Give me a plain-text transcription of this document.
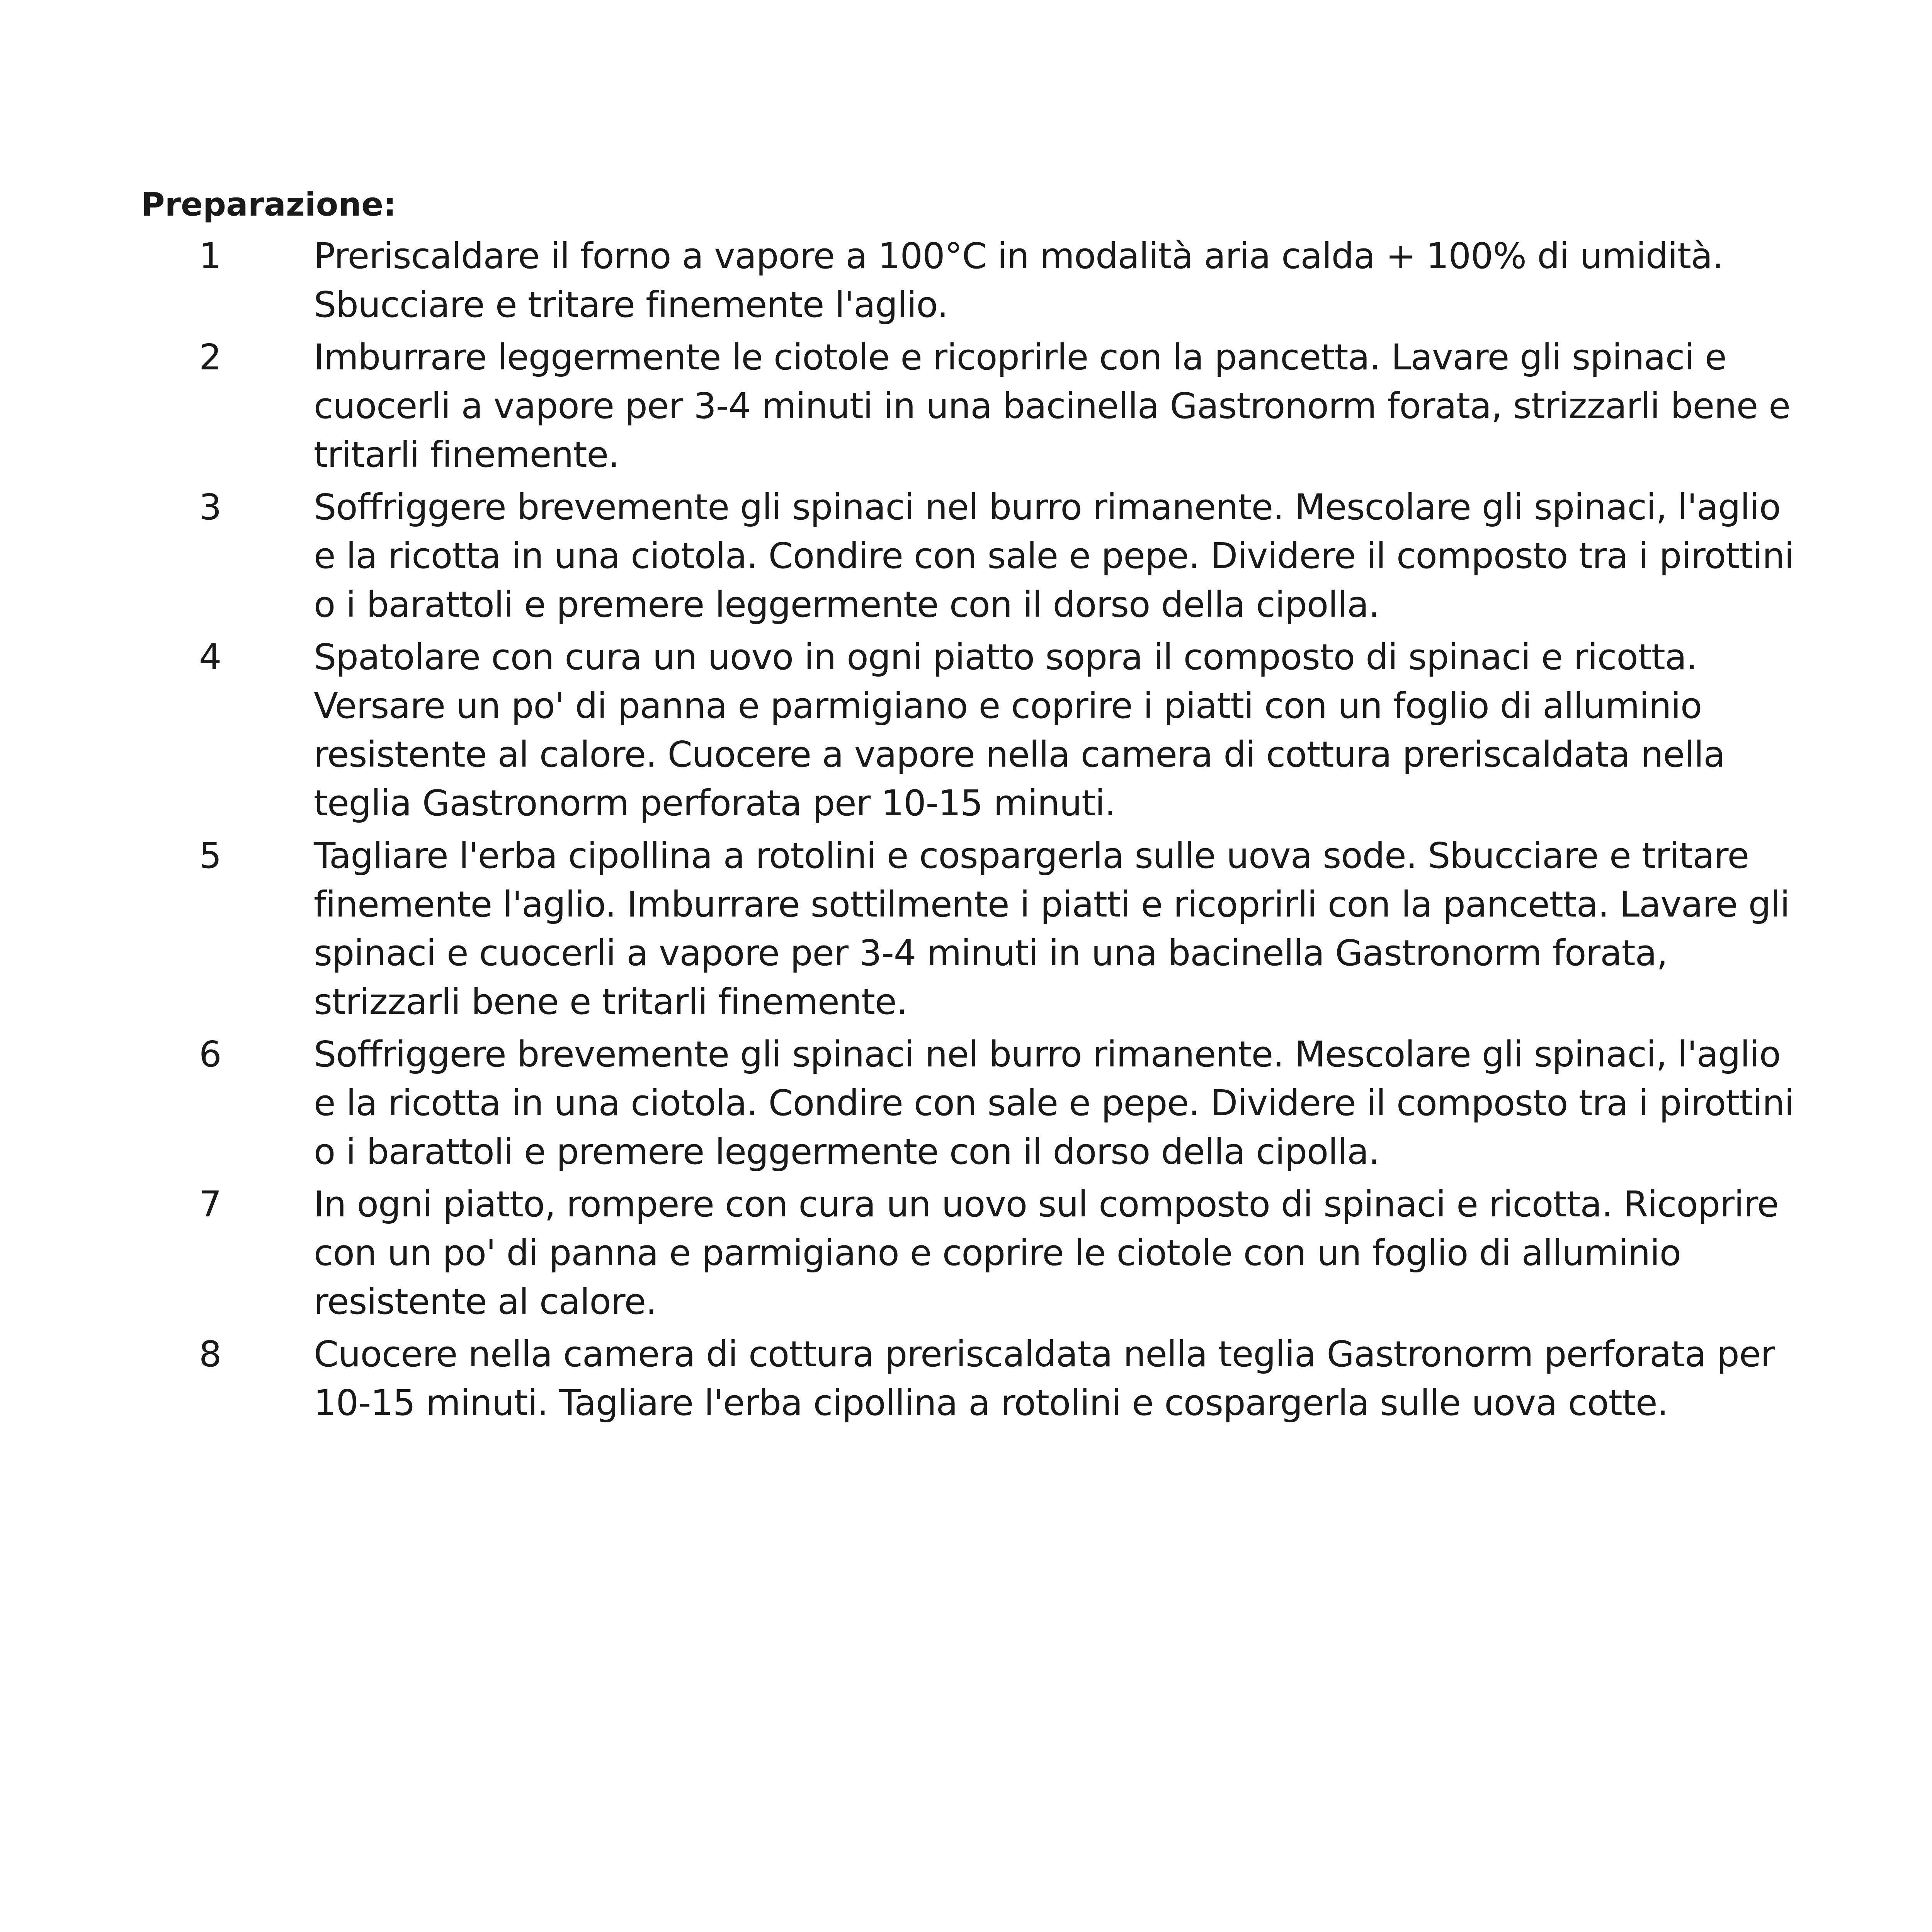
Preparazione:
1	Preriscaldare il forno a vapore a 100°C in modalità aria calda + 100% di umidità. Sbucciare e tritare finemente l'aglio.

2	Imburrare leggermente le ciotole e ricoprirle con la pancetta. Lavare gli spinaci e cuocerli a vapore per 3-4 minuti in una bacinella Gastronorm forata, strizzarli bene e tritarli finemente.

3	Soffriggere brevemente gli spinaci nel burro rimanente. Mescolare gli spinaci, l'aglio e la ricotta in una ciotola. Condire con sale e pepe. Dividere il composto tra i pirottini o i barattoli e premere leggermente con il dorso della cipolla.

4	Spatolare con cura un uovo in ogni piatto sopra il composto di spinaci e ricotta. Versare un po' di panna e parmigiano e coprire i piatti con un foglio di alluminio resistente al calore. Cuocere a vapore nella camera di cottura preriscaldata nella teglia Gastronorm perforata per 10-15 minuti.

5	Tagliare l'erba cipollina a rotolini e cospargerla sulle uova sode. Sbucciare e tritare finemente l'aglio. Imburrare sottilmente i piatti e ricoprirli con la pancetta. Lavare gli spinaci e cuocerli a vapore per 3-4 minuti in una bacinella Gastronorm forata, strizzarli bene e tritarli finemente.

6	Soffriggere brevemente gli spinaci nel burro rimanente. Mescolare gli spinaci, l'aglio e la ricotta in una ciotola. Condire con sale e pepe. Dividere il composto tra i pirottini o i barattoli e premere leggermente con il dorso della cipolla.

7	In ogni piatto, rompere con cura un uovo sul composto di spinaci e ricotta. Ricoprire con un po' di panna e parmigiano e coprire le ciotole con un foglio di alluminio resistente al calore.

8	Cuocere nella camera di cottura preriscaldata nella teglia Gastronorm perforata per 10-15 minuti. Tagliare l'erba cipollina a rotolini e cospargerla sulle uova cotte.
